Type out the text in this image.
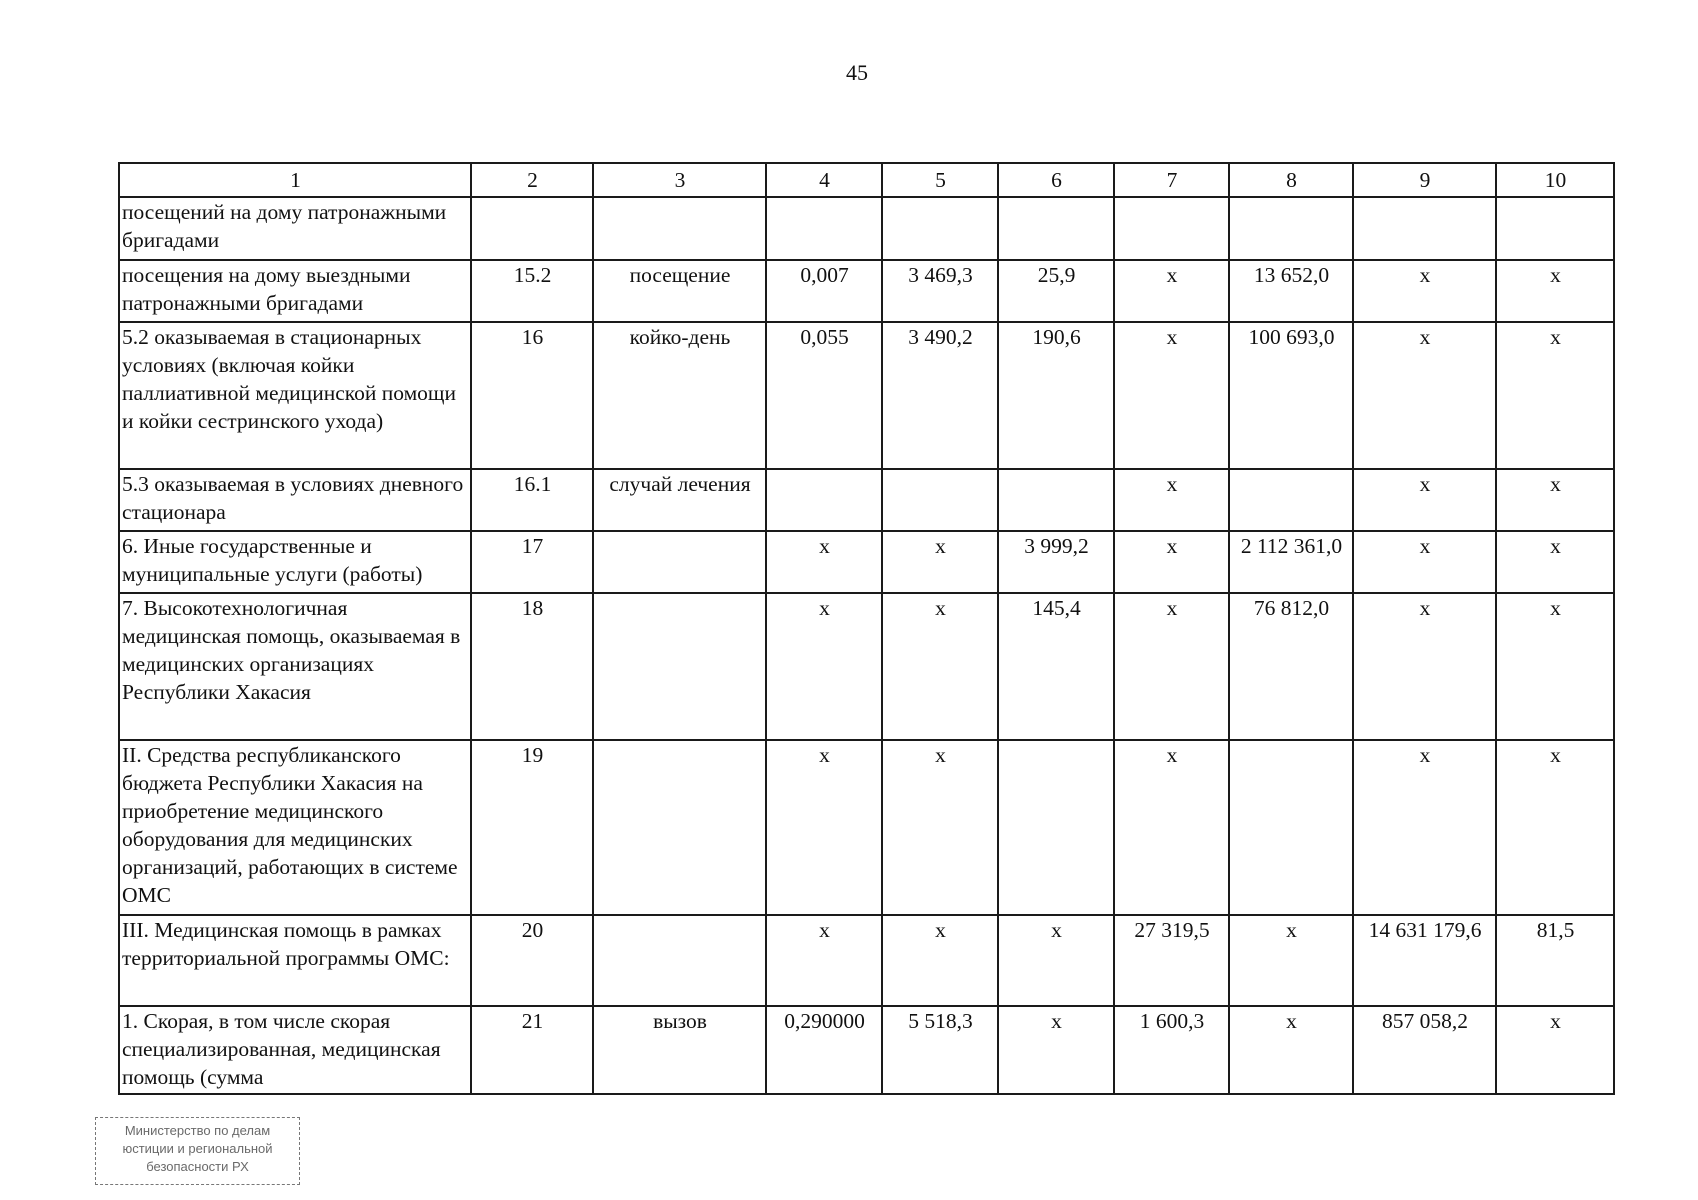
45
1	2	3	4	5	6	7	8	9	10
посещений на дому патронажными бригадами									
посещения на дому выездными патронажными бригадами	15.2	посещение	0,007	3 469,3	25,9	х	13 652,0	х	х
5.2 оказываемая в стационарных условиях (включая койки паллиативной медицинской помощи и койки сестринского ухода)	16	койко-день	0,055	3 490,2	190,6	х	100 693,0	х	х
5.3 оказываемая в условиях дневного стационара	16.1	случай лечения				х		х	х
6. Иные государственные и муниципальные услуги (работы)	17		х	х	3 999,2	х	2 112 361,0	х	х
7. Высокотехнологичная медицинская помощь, оказываемая в медицинских организациях Республики Хакасия	18		х	х	145,4	х	76 812,0	х	х
II. Средства республиканского бюджета Республики Хакасия на приобретение медицинского оборудования для медицинских организаций, работающих в системе ОМС	19		х	х		х		х	х
III. Медицинская помощь в рамках территориальной программы ОМС:	20		х	х	х	27 319,5	х	14 631 179,6	81,5
1. Скорая, в том числе скорая специализированная, медицинская помощь (сумма	21	вызов	0,290000	5 518,3	х	1 600,3	х	857 058,2	х
Министерство по делам
юстиции и региональной
безопасности РХ
